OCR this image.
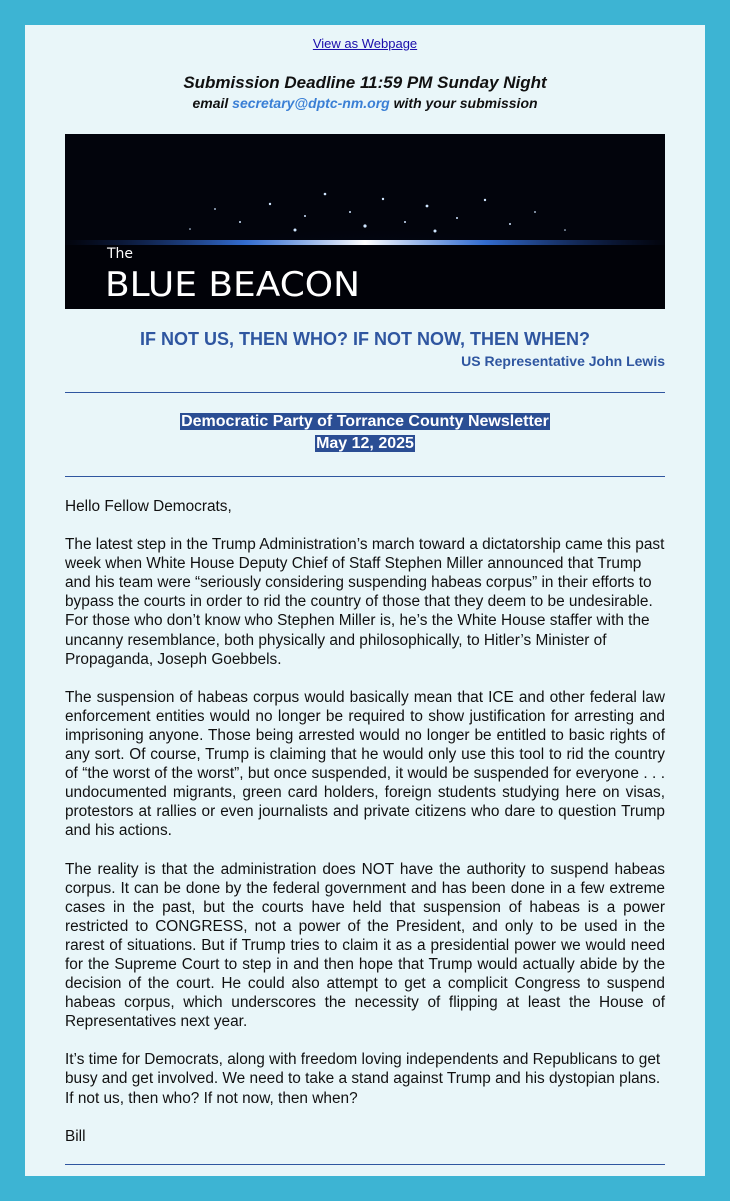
View as Webpage
Submission Deadline 11:59 PM Sunday Night
email secretary@dptc-nm.org with your submission
The
BLUE BEACON
IF NOT US, THEN WHO? IF NOT NOW, THEN WHEN?
US Representative John Lewis
Democratic Party of Torrance County Newsletter
May 12, 2025

Hello Fellow Democrats,

The latest step in the Trump Administration’s march toward a dictatorship came this past week when White House Deputy Chief of Staff Stephen Miller announced that Trump and his team were “seriously considering suspending habeas corpus” in their efforts to bypass the courts in order to rid the country of those that they deem to be undesirable. For those who don’t know who Stephen Miller is, he’s the White House staffer with the uncanny resemblance, both physically and philosophically, to Hitler’s Minister of Propaganda, Joseph Goebbels.

The suspension of habeas corpus would basically mean that ICE and other federal law enforcement entities would no longer be required to show justification for arresting and imprisoning anyone. Those being arrested would no longer be entitled to basic rights of any sort. Of course, Trump is claiming that he would only use this tool to rid the country of “the worst of the worst”, but once suspended, it would be suspended for everyone . . . undocumented migrants, green card holders, foreign students studying here on visas, protestors at rallies or even journalists and private citizens who dare to question Trump and his actions.

The reality is that the administration does NOT have the authority to suspend habeas corpus. It can be done by the federal government and has been done in a few extreme cases in the past, but the courts have held that suspension of habeas is a power restricted to CONGRESS, not a power of the President, and only to be used in the rarest of situations. But if Trump tries to claim it as a presidential power we would need for the Supreme Court to step in and then hope that Trump would actually abide by the decision of the court. He could also attempt to get a complicit Congress to suspend habeas corpus, which underscores the necessity of flipping at least the House of Representatives next year.

It’s time for Democrats, along with freedom loving independents and Republicans to get busy and get involved. We need to take a stand against Trump and his dystopian plans. If not us, then who? If not now, then when?

Bill
